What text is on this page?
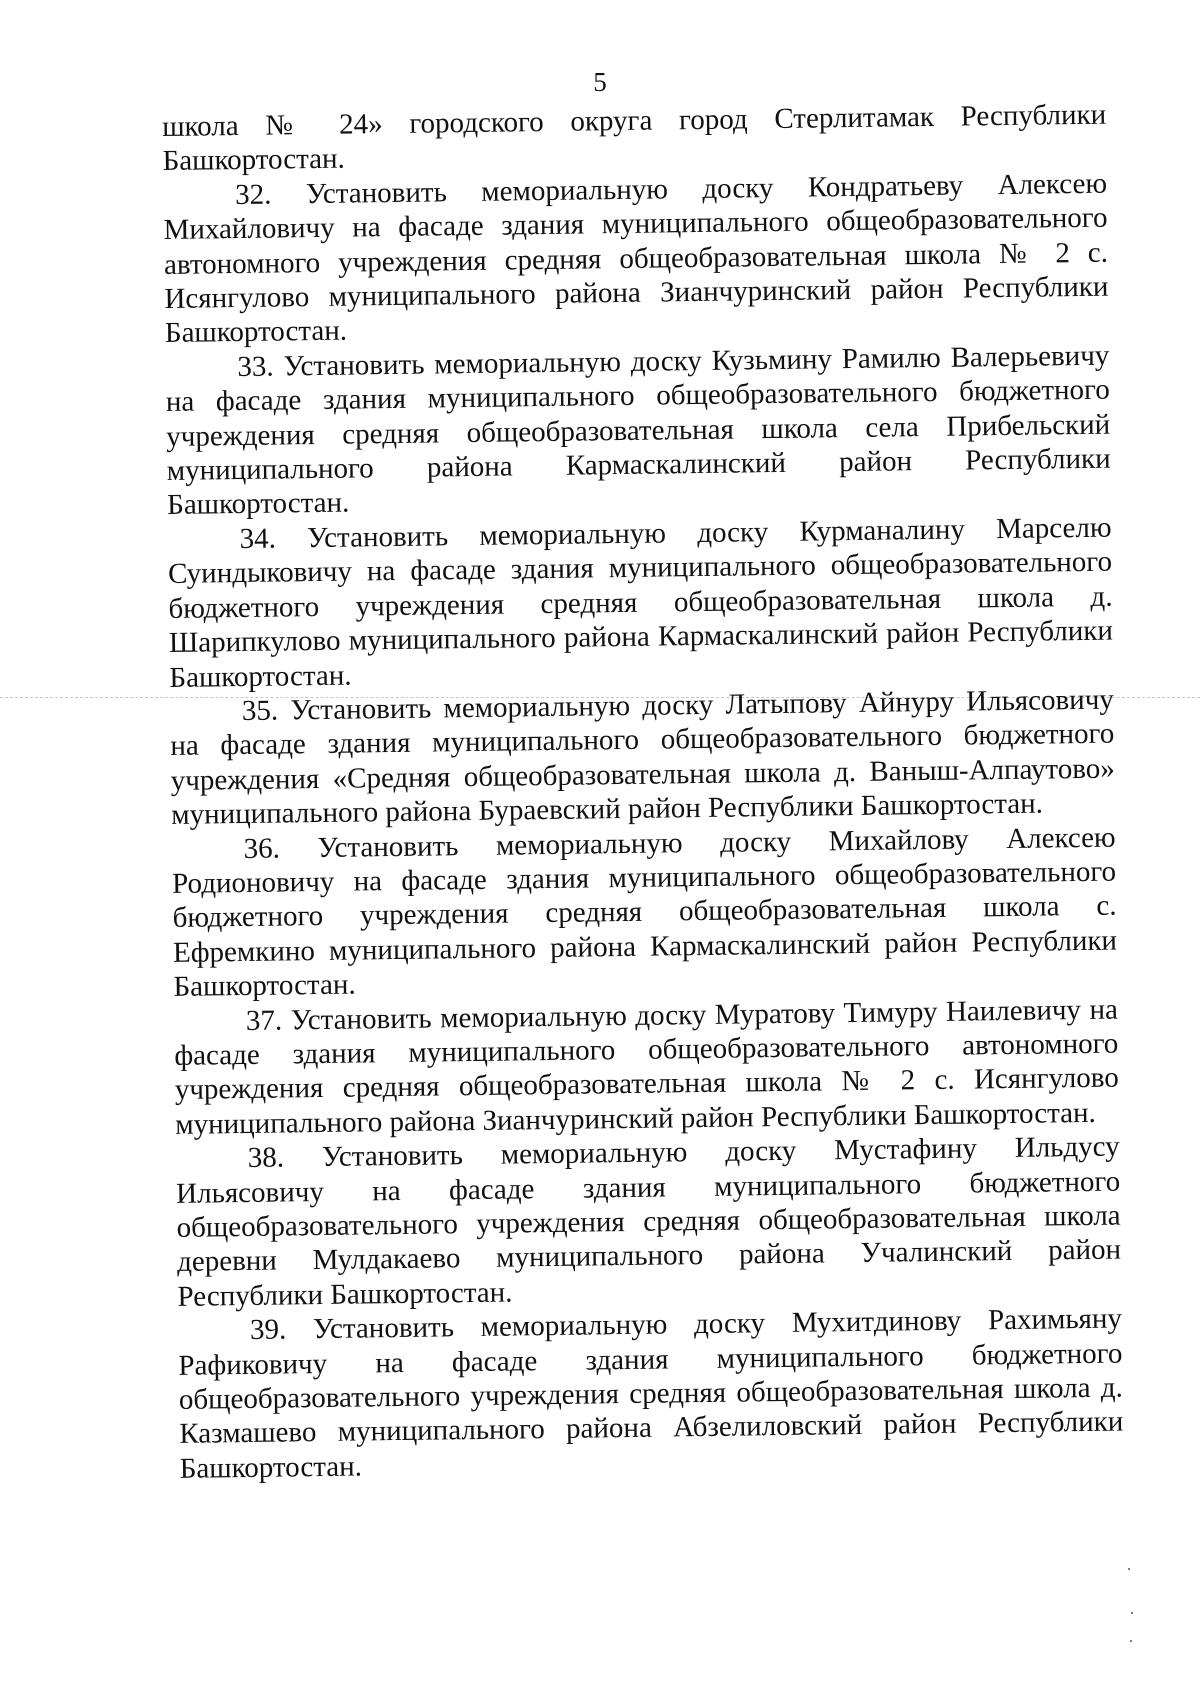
5

школа № 24» городского округа город Стерлитамак Республики Башкортостан.

32. Установить мемориальную доску Кондратьеву Алексею Михайловичу на фасаде здания муниципального общеобразовательного автономного учреждения средняя общеобразовательная школа № 2 с. Исянгулово муниципального района Зианчуринский район Республики Башкортостан.

33. Установить мемориальную доску Кузьмину Рамилю Валерьевичу на фасаде здания муниципального общеобразовательного бюджетного учреждения средняя общеобразовательная школа села Прибельский муниципального района Кармаскалинский район Республики Башкортостан.

34. Установить мемориальную доску Курманалину Марселю Суиндыковичу на фасаде здания муниципального общеобразовательного бюджетного учреждения средняя общеобразовательная школа д. Шарипкулово муниципального района Кармаскалинский район Республики Башкортостан.

35. Установить мемориальную доску Латыпову Айнуру Ильясовичу на фасаде здания муниципального общеобразовательного бюджетного учреждения «Средняя общеобразовательная школа д. Ваныш-Алпаутово» муниципального района Бураевский район Республики Башкортостан.

36. Установить мемориальную доску Михайлову Алексею Родионовичу на фасаде здания муниципального общеобразовательного бюджетного учреждения средняя общеобразовательная школа с. Ефремкино муниципального района Кармаскалинский район Республики Башкортостан.

37. Установить мемориальную доску Муратову Тимуру Наилевичу на фасаде здания муниципального общеобразовательного автономного учреждения средняя общеобразовательная школа № 2 с. Исянгулово муниципального района Зианчуринский район Республики Башкортостан.

38. Установить мемориальную доску Мустафину Ильдусу Ильясовичу на фасаде здания муниципального бюджетного общеобразовательного учреждения средняя общеобразовательная школа деревни Мулдакаево муниципального района Учалинский район Республики Башкортостан.

39. Установить мемориальную доску Мухитдинову Рахимьяну Рафиковичу на фасаде здания муниципального бюджетного общеобразовательного учреждения средняя общеобразовательная школа д. Казмашево муниципального района Абзелиловский район Республики Башкортостан.
